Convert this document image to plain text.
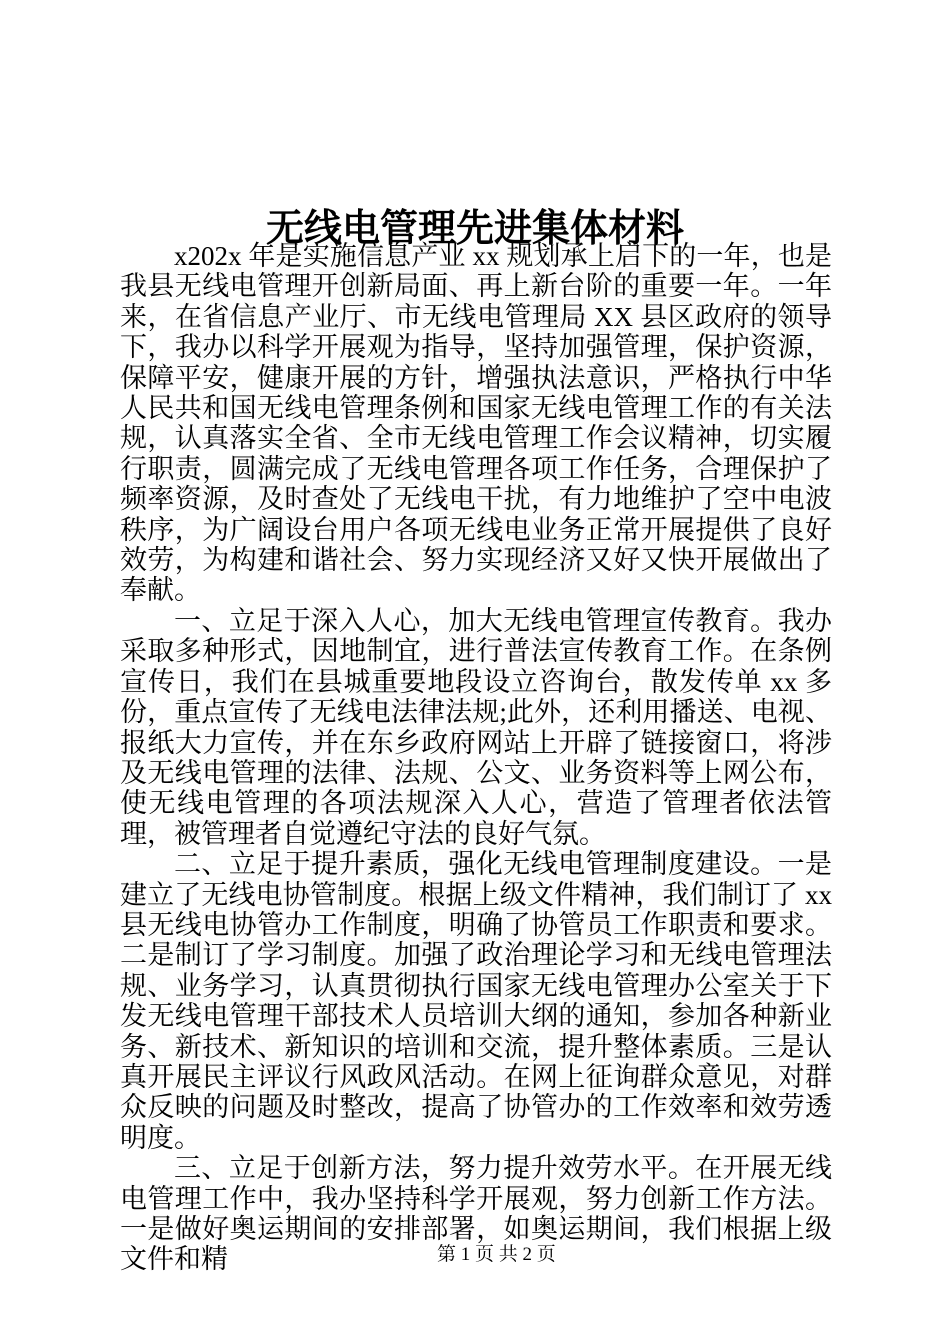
无线电管理先进集体材料

x202x 年是实施信息产业 xx 规划承上启下的一年，也是我县无线电管理开创新局面、再上新台阶的重要一年。一年来，在省信息产业厅、市无线电管理局 XX 县区政府的领导下，我办以科学开展观为指导，坚持加强管理，保护资源，保障平安，健康开展的方针，增强执法意识，严格执行中华人民共和国无线电管理条例和国家无线电管理工作的有关法规，认真落实全省、全市无线电管理工作会议精神，切实履行职责，圆满完成了无线电管理各项工作任务，合理保护了频率资源，及时查处了无线电干扰，有力地维护了空中电波秩序，为广阔设台用户各项无线电业务正常开展提供了良好效劳，为构建和谐社会、努力实现经济又好又快开展做出了奉献。

一、立足于深入人心，加大无线电管理宣传教育。我办采取多种形式，因地制宜，进行普法宣传教育工作。在条例宣传日，我们在县城重要地段设立咨询台，散发传单 xx 多份，重点宣传了无线电法律法规;此外，还利用播送、电视、报纸大力宣传，并在东乡政府网站上开辟了链接窗口，将涉及无线电管理的法律、法规、公文、业务资料等上网公布，使无线电管理的各项法规深入人心，营造了管理者依法管理，被管理者自觉遵纪守法的良好气氛。

二、立足于提升素质，强化无线电管理制度建设。一是建立了无线电协管制度。根据上级文件精神，我们制订了 xx 县无线电协管办工作制度，明确了协管员工作职责和要求。二是制订了学习制度。加强了政治理论学习和无线电管理法规、业务学习，认真贯彻执行国家无线电管理办公室关于下发无线电管理干部技术人员培训大纲的通知，参加各种新业务、新技术、新知识的培训和交流，提升整体素质。三是认真开展民主评议行风政风活动。在网上征询群众意见，对群众反映的问题及时整改，提高了协管办的工作效率和效劳透明度。

三、立足于创新方法，努力提升效劳水平。在开展无线电管理工作中，我办坚持科学开展观，努力创新工作方法。一是做好奥运期间的安排部署，如奥运期间，我们根据上级文件和精	第 1 页 共 2 页
